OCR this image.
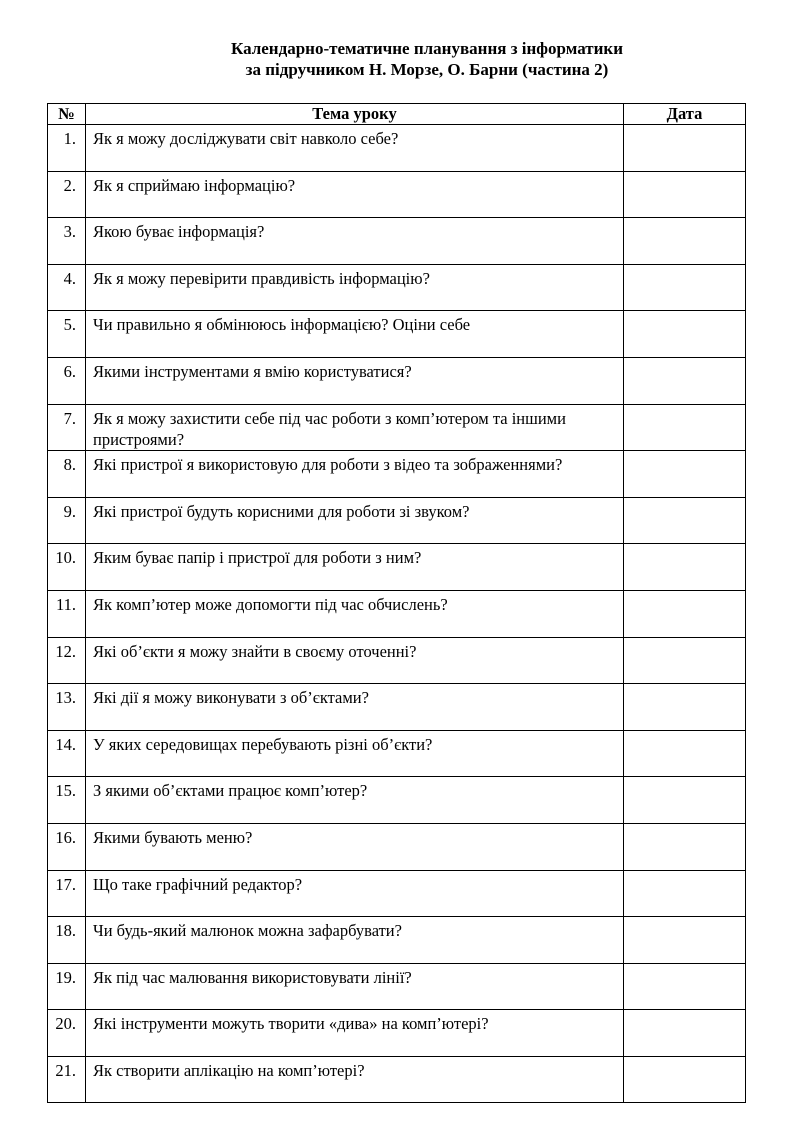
Календарно-тематичне планування з інформатики
за підручником Н. Морзе, О. Барни (частина 2)
№	Тема уроку	Дата
1.	Як я можу досліджувати світ навколо себе?	
2.	Як я сприймаю інформацію?	
3.	Якою буває інформація?	
4.	Як я можу перевірити правдивість інформацію?	
5.	Чи правильно я обмінююсь інформацією? Оціни себе	
6.	Якими інструментами я вмію користуватися?	
7.	Як я можу захистити себе під час роботи з комп’ютером та іншими пристроями?	
8.	Які пристрої я використовую для роботи з відео та зображеннями?	
9.	Які пристрої будуть корисними для роботи зі звуком?	
10.	Яким буває папір і пристрої для роботи з ним?	
11.	Як комп’ютер може допомогти під час обчислень?	
12.	Які об’єкти я можу знайти в своєму оточенні?	
13.	Які дії я можу виконувати з об’єктами?	
14.	У яких середовищах перебувають різні об’єкти?	
15.	З якими об’єктами працює комп’ютер?	
16.	Якими бувають меню?	
17.	Що таке графічний редактор?	
18.	Чи будь-який малюнок можна зафарбувати?	
19.	Як під час малювання використовувати лінії?	
20.	Які інструменти можуть творити «дива» на комп’ютері?	
21.	Як створити аплікацію на комп’ютері?	
